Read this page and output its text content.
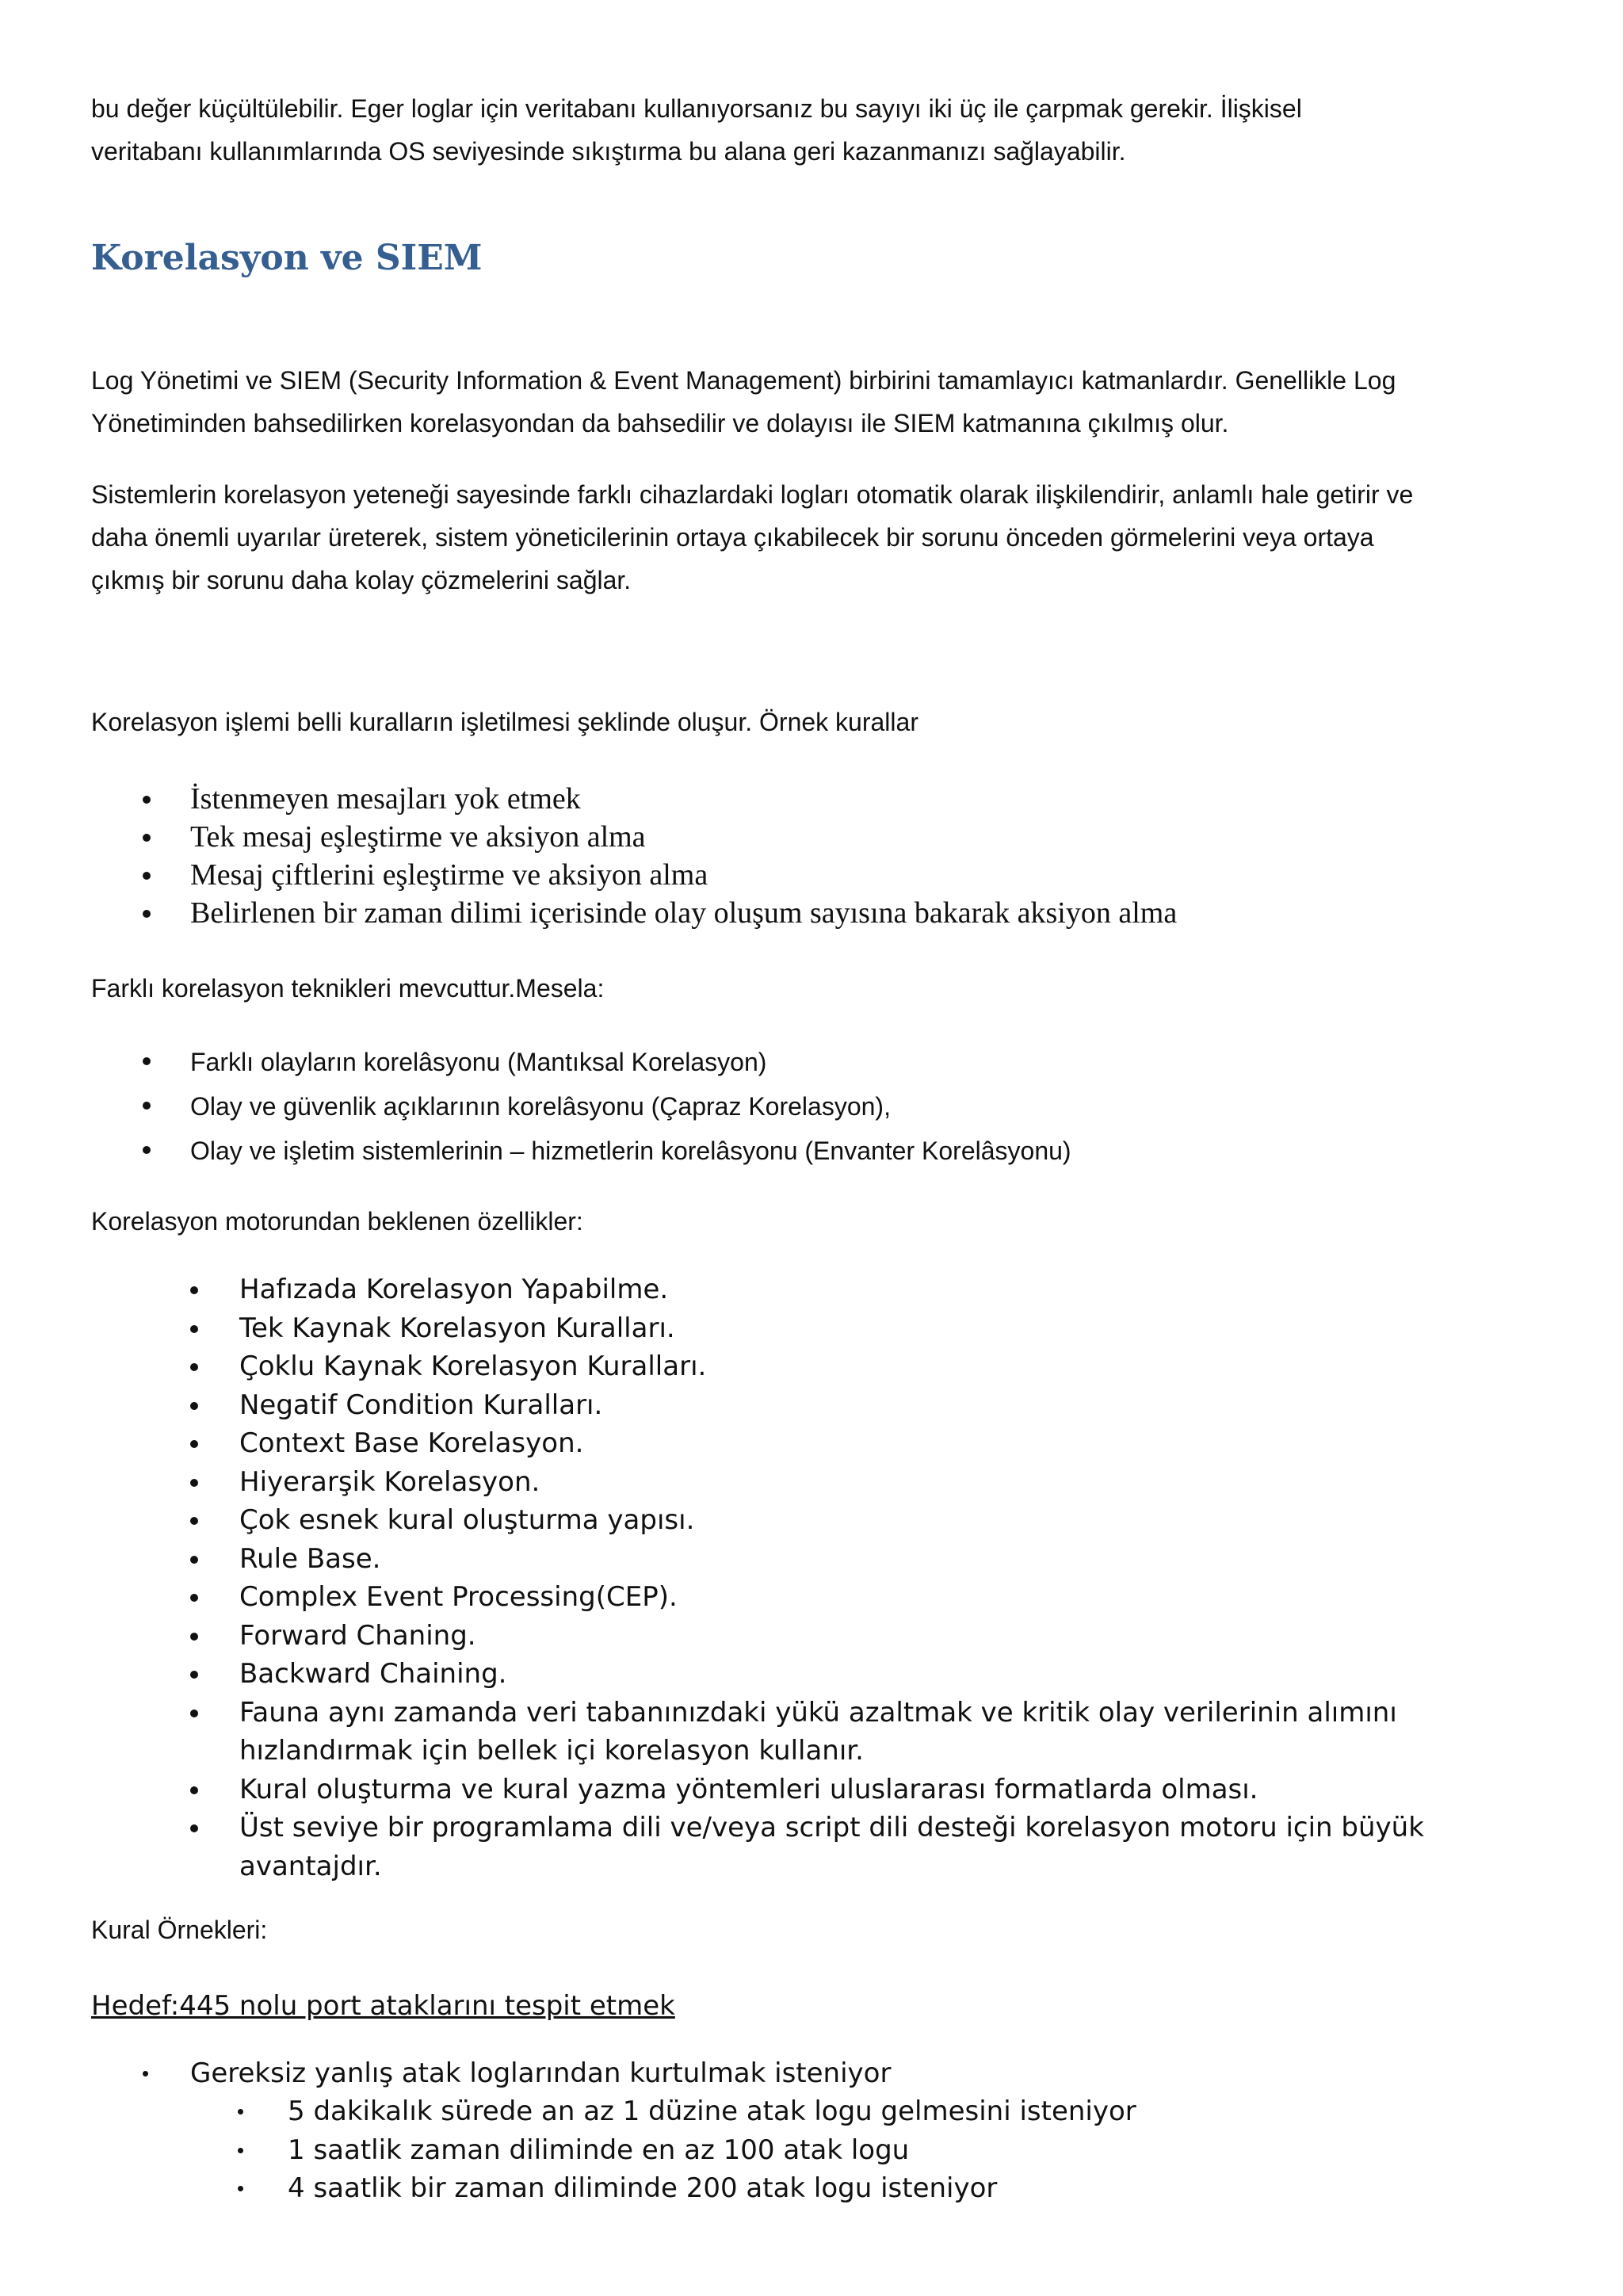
bu değer küçültülebilir. Eger loglar için veritabanı kullanıyorsanız bu sayıyı iki üç ile çarpmak gerekir. İlişkisel
veritabanı kullanımlarında OS seviyesinde sıkıştırma bu alana geri kazanmanızı sağlayabilir.
Korelasyon ve SIEM
Log Yönetimi ve SIEM (Security Information & Event Management) birbirini tamamlayıcı katmanlardır. Genellikle Log
Yönetiminden bahsedilirken korelasyondan da bahsedilir ve dolayısı ile SIEM katmanına çıkılmış olur.
Sistemlerin korelasyon yeteneği sayesinde farklı cihazlardaki logları otomatik olarak ilişkilendirir, anlamlı hale getirir ve
daha önemli uyarılar üreterek, sistem yöneticilerinin ortaya çıkabilecek bir sorunu önceden görmelerini veya ortaya
çıkmış bir sorunu daha kolay çözmelerini sağlar.
Korelasyon işlemi belli kuralların işletilmesi şeklinde oluşur. Örnek kurallar
İstenmeyen mesajları yok etmek
Tek mesaj eşleştirme ve aksiyon alma
Mesaj çiftlerini eşleştirme ve aksiyon alma
Belirlenen bir zaman dilimi içerisinde olay oluşum sayısına bakarak aksiyon alma
Farklı korelasyon teknikleri mevcuttur.Mesela:
Farklı olayların korelâsyonu (Mantıksal Korelasyon)
Olay ve güvenlik açıklarının korelâsyonu (Çapraz Korelasyon),
Olay ve işletim sistemlerinin – hizmetlerin korelâsyonu (Envanter Korelâsyonu)
Korelasyon motorundan beklenen özellikler:
Hafızada Korelasyon Yapabilme.
Tek Kaynak Korelasyon Kuralları.
Çoklu Kaynak Korelasyon Kuralları.
Negatif Condition Kuralları.
Context Base Korelasyon.
Hiyerarşik Korelasyon.
Çok esnek kural oluşturma yapısı.
Rule Base.
Complex Event Processing(CEP).
Forward Chaning.
Backward Chaining.
Fauna aynı zamanda veri tabanınızdaki yükü azaltmak ve kritik olay verilerinin alımını
hızlandırmak için bellek içi korelasyon kullanır.
Kural oluşturma ve kural yazma yöntemleri uluslararası formatlarda olması.
Üst seviye bir programlama dili ve/veya script dili desteği korelasyon motoru için büyük
avantajdır.
Kural Örnekleri:
Hedef:445 nolu port ataklarını tespit etmek
Gereksiz yanlış atak loglarından kurtulmak isteniyor
5 dakikalık sürede an az 1 düzine atak logu gelmesini isteniyor
1 saatlik zaman diliminde en az 100 atak logu
4 saatlik bir zaman diliminde 200 atak logu isteniyor
